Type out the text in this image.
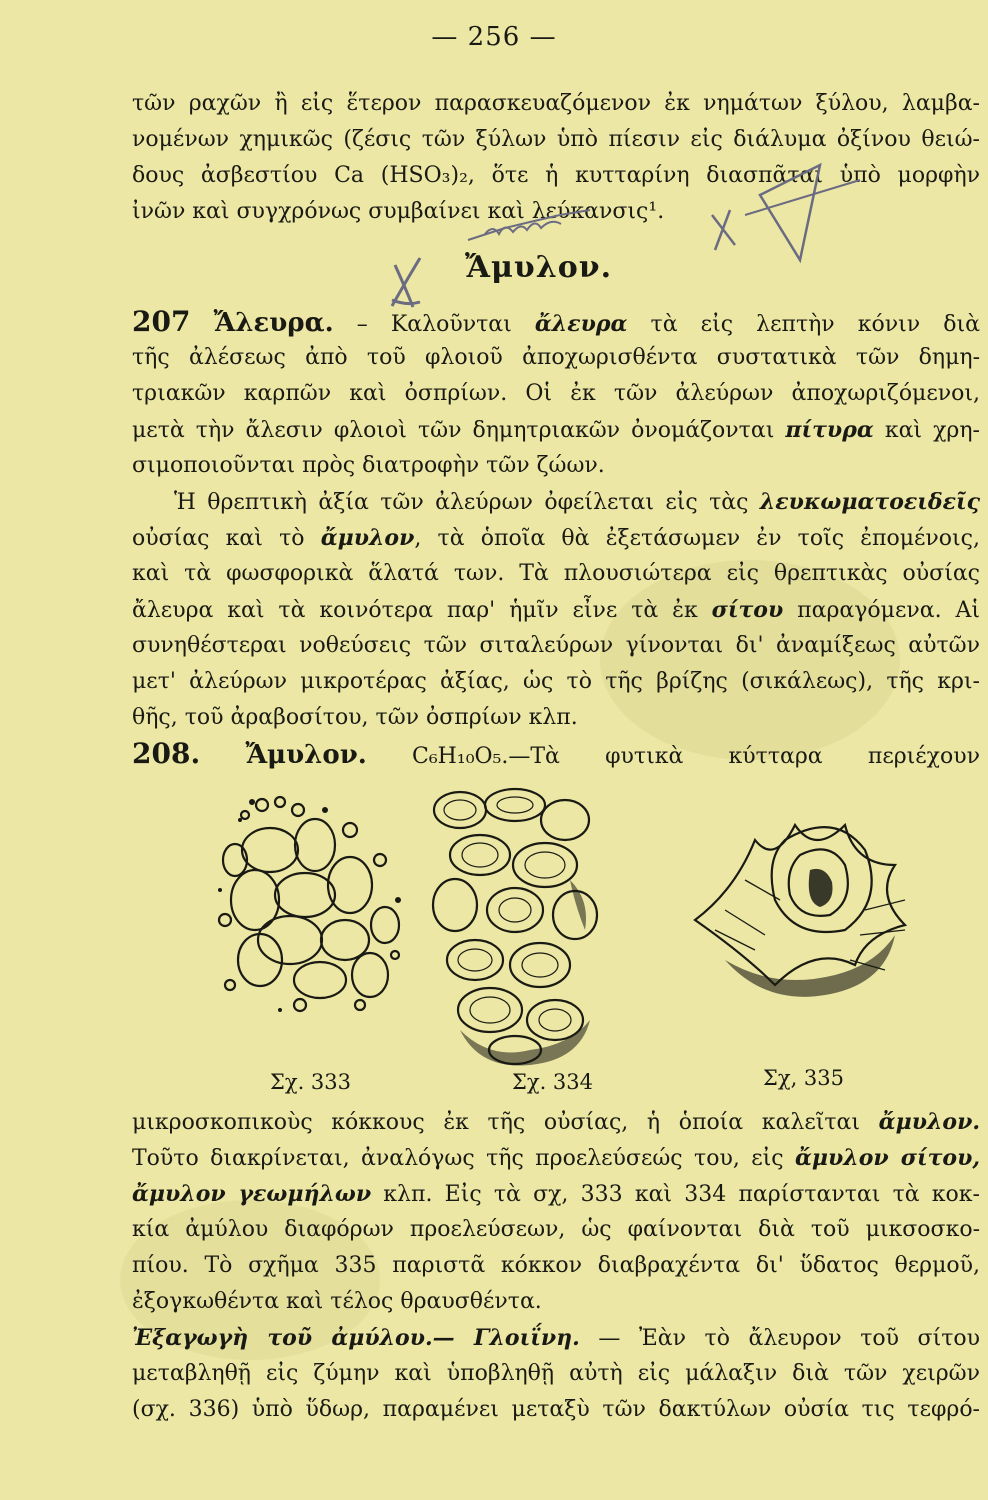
— 256 —
τῶν ραχῶν ἢ εἰς ἕτερον παρασκευαζόμενον ἐκ νημάτων ξύλου, λαμβα-
νομένων χημικῶς (ζέσις τῶν ξύλων ὑπὸ πίεσιν εἰς διάλυμα ὀξίνου θειώ-
δους ἀσβεστίου Ca (HSO₃)₂, ὅτε ἡ κυτταρίνη διασπᾶται ὑπὸ μορφὴν
ἰνῶν καὶ συγχρόνως συμβαίνει καὶ λεύκανσις¹.
Ἄμυλον.
207 Ἄλευρα. – Καλοῦνται ἄλευρα τὰ εἰς λεπτὴν κόνιν διὰ
τῆς ἀλέσεως ἀπὸ τοῦ φλοιοῦ ἀποχωρισθέντα συστατικὰ τῶν δημη-
τριακῶν καρπῶν καὶ ὀσπρίων. Οἱ ἐκ τῶν ἀλεύρων ἀποχωριζόμενοι,
μετὰ τὴν ἄλεσιν φλοιοὶ τῶν δημητριακῶν ὀνομάζονται πίτυρα καὶ χρη-
σιμοποιοῦνται πρὸς διατροφὴν τῶν ζώων.
Ἡ θρεπτικὴ ἀξία τῶν ἀλεύρων ὀφείλεται εἰς τὰς λευκωματοειδεῖς
οὐσίας καὶ τὸ ἄμυλον, τὰ ὁποῖα θὰ ἐξετάσωμεν ἐν τοῖς ἐπομένοις,
καὶ τὰ φωσφορικὰ ἅλατά των. Τὰ πλουσιώτερα εἰς θρεπτικὰς οὐσίας
ἄλευρα καὶ τὰ κοινότερα παρ' ἡμῖν εἶνε τὰ ἐκ σίτου παραγόμενα. Αἱ
συνηθέστεραι νοθεύσεις τῶν σιταλεύρων γίνονται δι' ἀναμίξεως αὐτῶν
μετ' ἀλεύρων μικροτέρας ἀξίας, ὡς τὸ τῆς βρίζης (σικάλεως), τῆς κρι-
θῆς, τοῦ ἀραβοσίτου, τῶν ὀσπρίων κλπ.
208. Ἄμυλον. C₆H₁₀O₅.—Τὰ φυτικὰ κύτταρα περιέχουν
Σχ. 333	Σχ. 334	Σχ, 335
μικροσκοπικοὺς κόκκους ἐκ τῆς οὐσίας, ἡ ὁποία καλεῖται ἄμυλον.
Τοῦτο διακρίνεται, ἀναλόγως τῆς προελεύσεώς του, εἰς ἄμυλον σίτου,
ἄμυλον γεωμήλων κλπ. Εἰς τὰ σχ, 333 καὶ 334 παρίστανται τὰ κοκ-
κία ἀμύλου διαφόρων προελεύσεων, ὡς φαίνονται διὰ τοῦ μικσοσκο-
πίου. Τὸ σχῆμα 335 παριστᾶ κόκκον διαβραχέντα δι' ὕδατος θερμοῦ,
ἐξογκωθέντα καὶ τέλος θραυσθέντα.
Ἐξαγωγὴ τοῦ ἀμύλου.— Γλοιΐνη. — Ἐὰν τὸ ἄλευρον τοῦ σίτου
μεταβληθῇ εἰς ζύμην καὶ ὑποβληθῇ αὐτὴ εἰς μάλαξιν διὰ τῶν χειρῶν
(σχ. 336) ὑπὸ ὕδωρ, παραμένει μεταξὺ τῶν δακτύλων οὐσία τις τεφρό-
